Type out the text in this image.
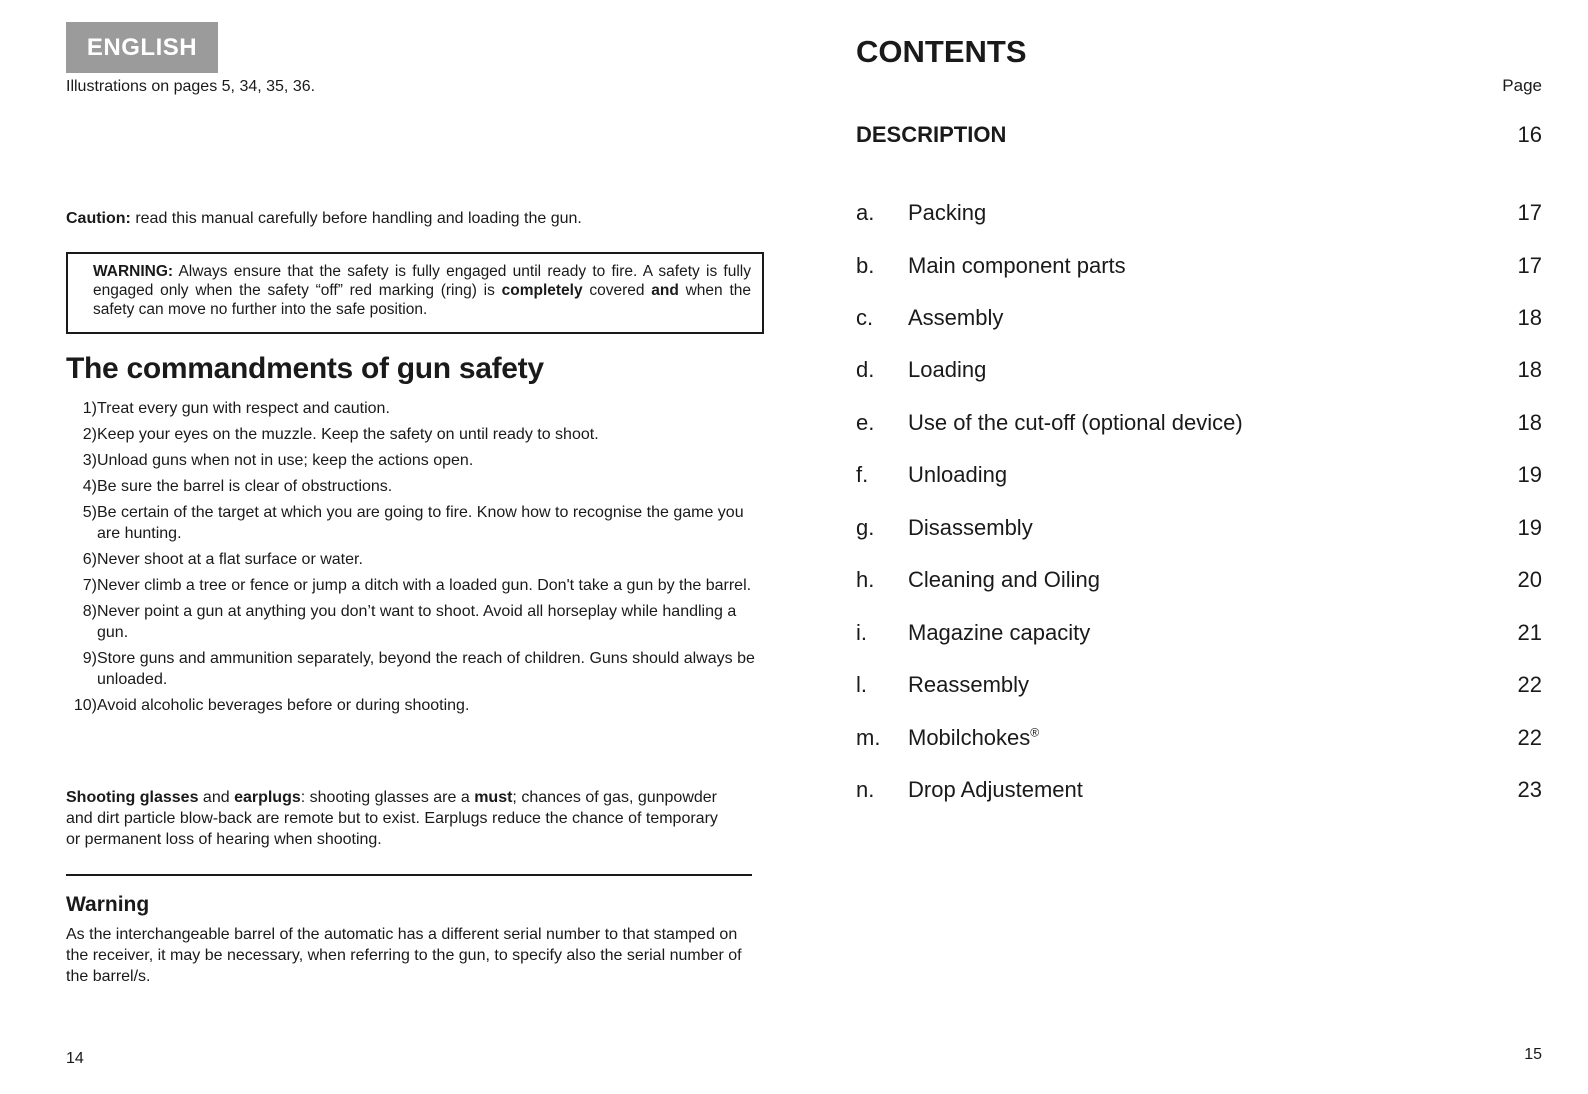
ENGLISH
Illustrations on pages 5, 34, 35, 36.
Caution: read this manual carefully before handling and loading the gun.
WARNING: Always ensure that the safety is fully engaged until ready to fire. A safety is fully engaged only when the safety “off” red marking (ring) is completely covered and when the safety can move no further into the safe position.
The commandments of gun safety
1) Treat every gun with respect and caution.
2) Keep your eyes on the muzzle. Keep the safety on until ready to shoot.
3) Unload guns when not in use; keep the actions open.
4) Be sure the barrel is clear of obstructions.
5) Be certain of the target at which you are going to fire. Know how to recognise the game you are hunting.
6) Never shoot at a flat surface or water.
7) Never climb a tree or fence or jump a ditch with a loaded gun. Don't take a gun by the barrel.
8) Never point a gun at anything you don’t want to shoot. Avoid all horseplay while handling a gun.
9) Store guns and ammunition separately, beyond the reach of children. Guns should always be unloaded.
10) Avoid alcoholic beverages before or during shooting.
Shooting glasses and earplugs: shooting glasses are a must; chances of gas, gunpowder and dirt particle blow-back are remote but to exist. Earplugs reduce the chance of temporary or permanent loss of hearing when shooting.
Warning
As the interchangeable barrel of the automatic has a different serial number to that stamped on the receiver, it may be necessary, when referring to the gun, to specify also the serial number of the barrel/s.
14
CONTENTS
Page
DESCRIPTION	16
a. Packing	17
b. Main component parts	17
c. Assembly	18
d. Loading	18
e. Use of the cut-off (optional device)	18
f. Unloading	19
g. Disassembly	19
h. Cleaning and Oiling	20
i. Magazine capacity	21
l. Reassembly	22
m. Mobilchokes®	22
n. Drop Adjustement	23
15
